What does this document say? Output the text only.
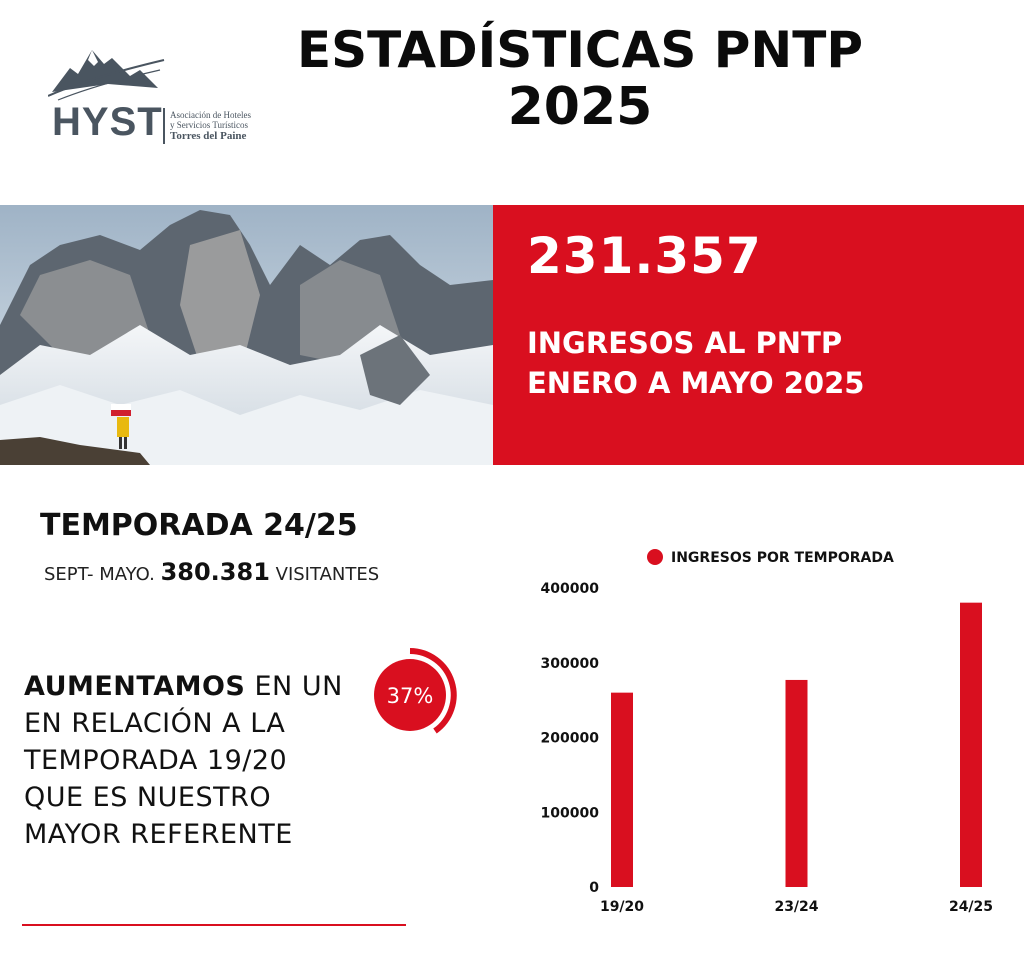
HYST Asociación de Hoteles
y Servicios Turísticos
Torres del Paine
ESTADÍSTICAS PNTP
2025
231.357
INGRESOS AL PNTP
ENERO A MAYO 2025
TEMPORADA 24/25
SEPT- MAYO. 380.381 VISITANTES
AUMENTAMOS EN UN
EN RELACIÓN A LA
TEMPORADA 19/20
QUE ES NUESTRO
MAYOR REFERENTE
37%
INGRESOS POR TEMPORADA
0
100000
200000
300000
400000
19/20	23/24	24/25
